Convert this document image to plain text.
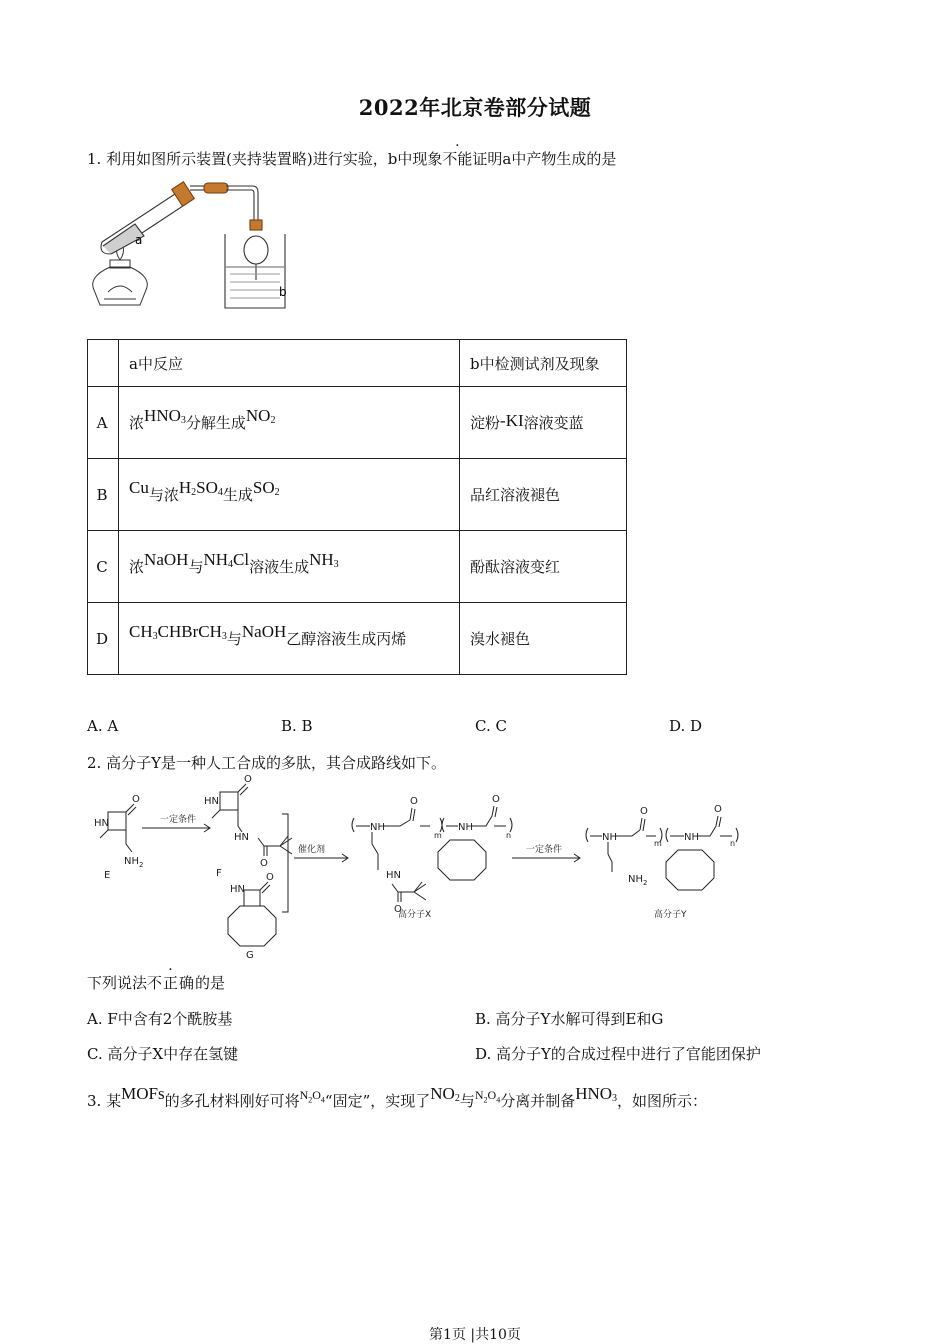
2022年北京卷部分试题
1. 利用如图所示装置(夹持装置略)进行实验，b中现象不能证明a中产物生成的是
a
b
	a中反应	b中检测试剂及现象
A	浓$HNO_3$分解生成$NO_2$	淀粉-KI溶液变蓝
B	Cu与浓$H_2SO_4$生成$SO_2$	品红溶液褪色
C	浓NaOH与$NH_4Cl$溶液生成$NH_3$	酚酞溶液变红
D	$CH_3CHBrCH_3$与NaOH乙醇溶液生成丙烯	溴水褪色
A. A	B. B	C. C	D. D
2. 高分子Y是一种人工合成的多肽，其合成路线如下。
HN
O
$NH_2$
E
一定条件
HN
O
HN
O
F
HN
O
G
催化剂
NH
O
m
HN
O
NH
O
n
高分子X
一定条件
NH
O
m
$NH_2$
NH
O
n
高分子Y
下列说法不正确的是
A. F中含有2个酰胺基	B. 高分子Y水解可得到E和G
C. 高分子X中存在氢键	D. 高分子Y的合成过程中进行了官能团保护
3. 某MOFs的多孔材料刚好可将$^{N_2O_4}$“固定”，实现了$NO_2$与$^{N_2O_4}$分离并制备$HNO_3$，如图所示：
第1页 |共10页
